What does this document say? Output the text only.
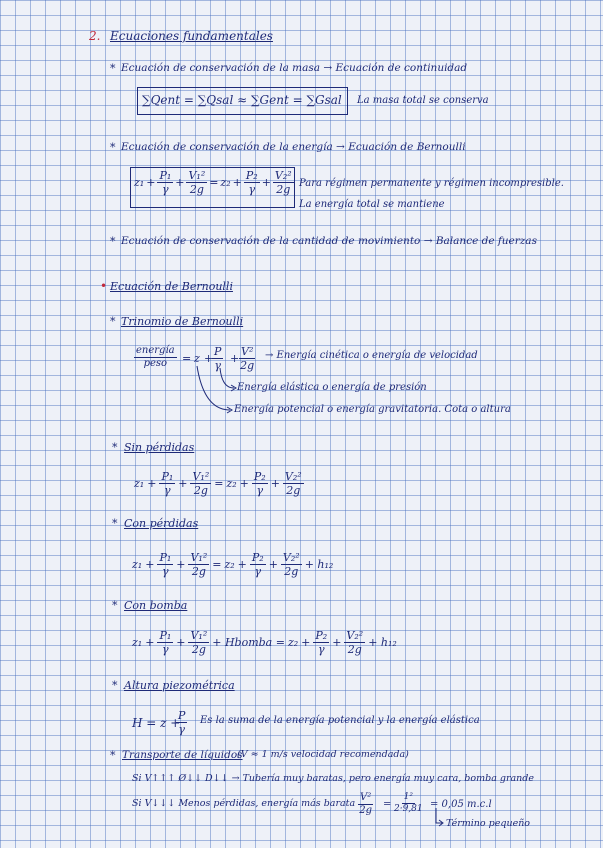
2. Ecuaciones fundamentales
* Ecuación de conservación de la masa → Ecuación de continuidad
∑Qent = ∑Qsal ≈ ∑Gent = ∑Gsal La masa total se conserva
* Ecuación de conservación de la energía → Ecuación de Bernoulli
$z_1 + \frac{\text{P₁}}{\gamma} + \frac{\text{V₁²}}{2g} = z_2 + \frac{\text{P₂}}{\gamma} + \frac{\text{V₂²}}{2g}$ Para régimen permanente y régimen incompresible.
La energía total se mantiene
* Ecuación de conservación de la cantidad de movimiento → Balance de fuerzas
• Ecuación de Bernoulli
* Trinomio de Bernoulli
energía
peso = z +
$\frac{P}{\gamma} + \frac{\text{V²}}{2g}$ → Energía cinética o energía de velocidad
Energía elástica o energía de presión
Energía potencial o energía gravitatoria. Cota o altura
* Sin pérdidas
$z_1 + \frac{\text{P₁}}{\gamma} + \frac{\text{V₁²}}{2g} = z_2 + \frac{\text{P₂}}{\gamma} + \frac{\text{V₂²}}{2g}$
* Con pérdidas
$z_1 + \frac{\text{P₁}}{\gamma} + \frac{\text{V₁²}}{2g} = z_2 + \frac{\text{P₂}}{\gamma} + \frac{\text{V₂²}}{2g} + h_{12}$
* Con bomba
$z_1 + \frac{\text{P₁}}{\gamma} + \frac{\text{V₁²}}{2g}$ + Hbomba = $z_2 + \frac{\text{P₂}}{\gamma} + \frac{\text{V₂²}}{2g} + h_{12}$
* Altura piezométrica
H = z +
$\frac{P}{\gamma}$ Es la suma de la energía potencial y la energía elástica
* Transporte de líquidos
(V ≈ 1 m/s velocidad recomendada)
Si V↑↑↑ Ø↓↓ D↓↓ → Tubería muy baratas, pero energía muy cara, bomba grande
Si V↓↓↓ Menos pérdidas, energía más barata $\frac{\text{V²}}{2g} = \frac{\text{1²}}{2\cdot 9,81} = 0,05$ m.c.l
Término pequeño
